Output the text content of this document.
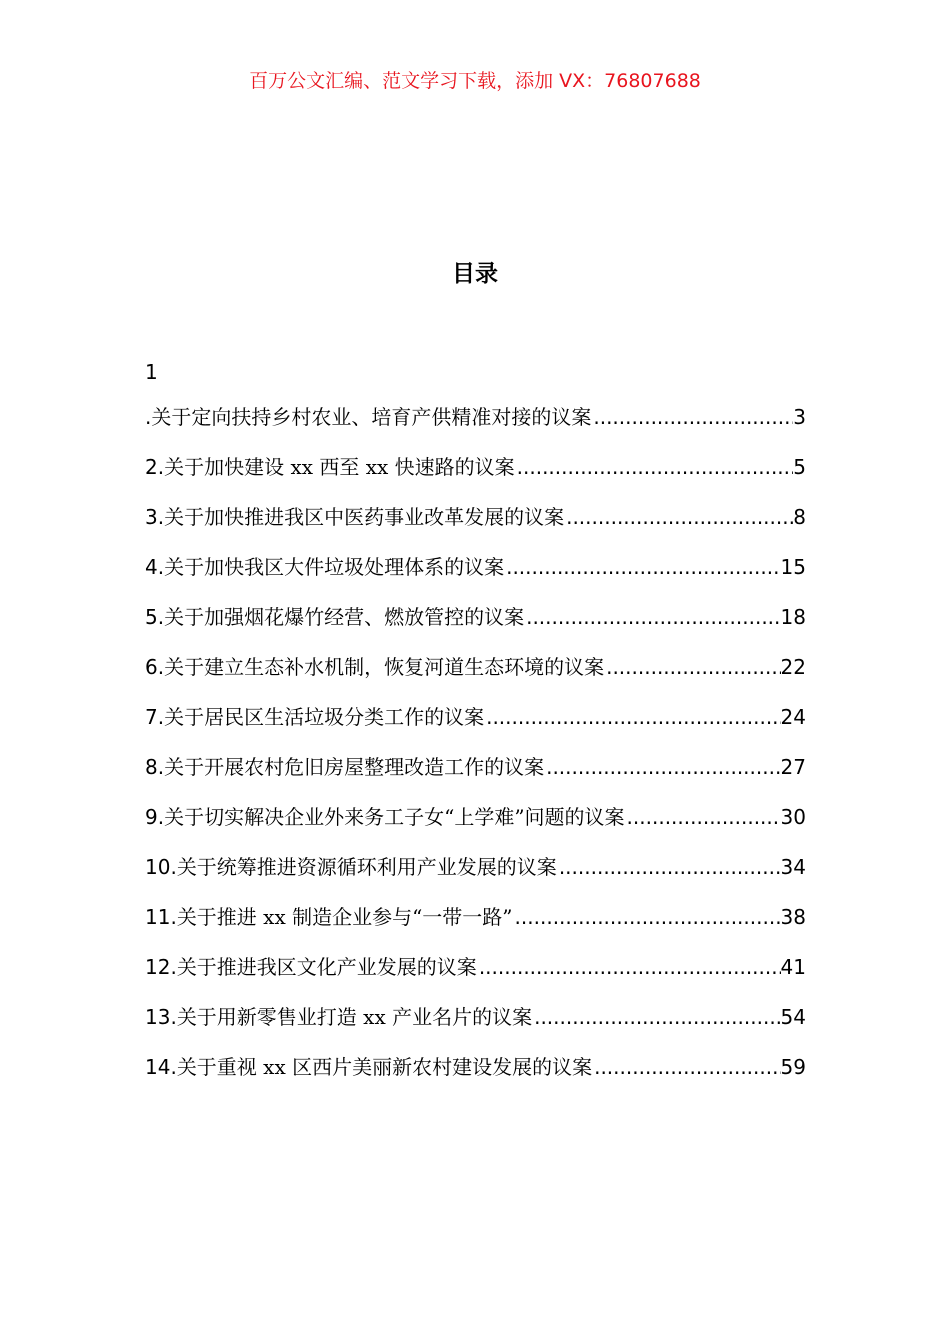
百万公文汇编、范文学习下载，添加 VX：76807688
目录
1
.关于定向扶持乡村农业、培育产供精准对接的议案 .....	3
2.关于加快建设 xx 西至 xx 快速路的议案 .....	5
3.关于加快推进我区中医药事业改革发展的议案 .....	8
4.关于加快我区大件垃圾处理体系的议案 .....	15
5.关于加强烟花爆竹经营、燃放管控的议案 .....	18
6.关于建立生态补水机制，恢复河道生态环境的议案 .....	22
7.关于居民区生活垃圾分类工作的议案 .....	24
8.关于开展农村危旧房屋整理改造工作的议案 .....	27
9.关于切实解决企业外来务工子女“上学难”问题的议案 .....	30
10.关于统筹推进资源循环利用产业发展的议案 .....	34
11.关于推进 xx 制造企业参与“一带一路” .....	38
12.关于推进我区文化产业发展的议案 .....	41
13.关于用新零售业打造 xx 产业名片的议案 .....	54
14.关于重视 xx 区西片美丽新农村建设发展的议案 .....	59
